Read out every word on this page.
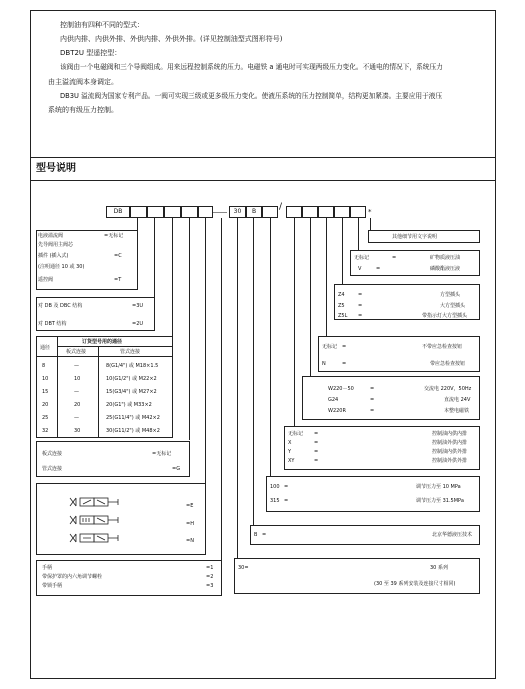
控制油有四种不同的型式：
内供内排、内供外排、外供内排、外供外排。(详见控制油型式图形符号)
DBT2U 型遥控型：
该阀由一个电磁阀和三个导阀组成。用来远程控制系统的压力。电磁铁 a 通电时可实现两级压力变化。不通电的情况下，系统压力
由主溢流阀本身调定。
DB3U 溢流阀为国家专利产品。一阀可实现三级或更多级压力变化。使液压系统的压力控制简单，结构更加紧凑。主要应用于液压
系统的有级压力控制。
型号说明
DB	― ―	30	B	/	*
电液溢流阀	=无标记
先导阀用主阀芯
插件 (插入式)	=C
(注明通径 10 或 30)
遥控阀	=T
对 DB 及 DBC 结构	=3U
对 DBT 结构	=2U
订货型号用的通径
通径
板式连接	管式连接
8	—	8(G1/4") 或 M18×1.5
10	10	10(G1/2") 或 M22×2
15	—	15(G3/4") 或 M27×2
20	20	20(G1") 或 M33×2
25	—	25(G11/4") 或 M42×2
32	30	30(G11/2") 或 M48×2
板式连接	=无标记
管式连接	=G
=E
=H
=N
手柄	=1
带保护罩的内六角调节螺栓	=2
带锁手柄	=3
其他细节用文字说明
无标记	=	矿物质液压油
V	=	磷酸酯液压液
Z4	=	方型插头
Z5	=	大方型插头
Z5L =	带指示灯大方型插头
无标记 =	不带应急检查按钮
N	=	带应急检查按钮
W220－50	=	交流电 220V，50Hz
G24	=	直流电 24V
W220R	=	本整电磁铁
无标记 =	控制油内供内排
X	=	控制油外供内排
Y	=	控制油内供外排
XY	=	控制油外供外排
100 =	调节压力至 10 MPa
315 =	调节压力至 31.5MPa
B =	北京华德液压技术
30=	30 系列
(30 至 39 系列安装及连接尺寸相同)
